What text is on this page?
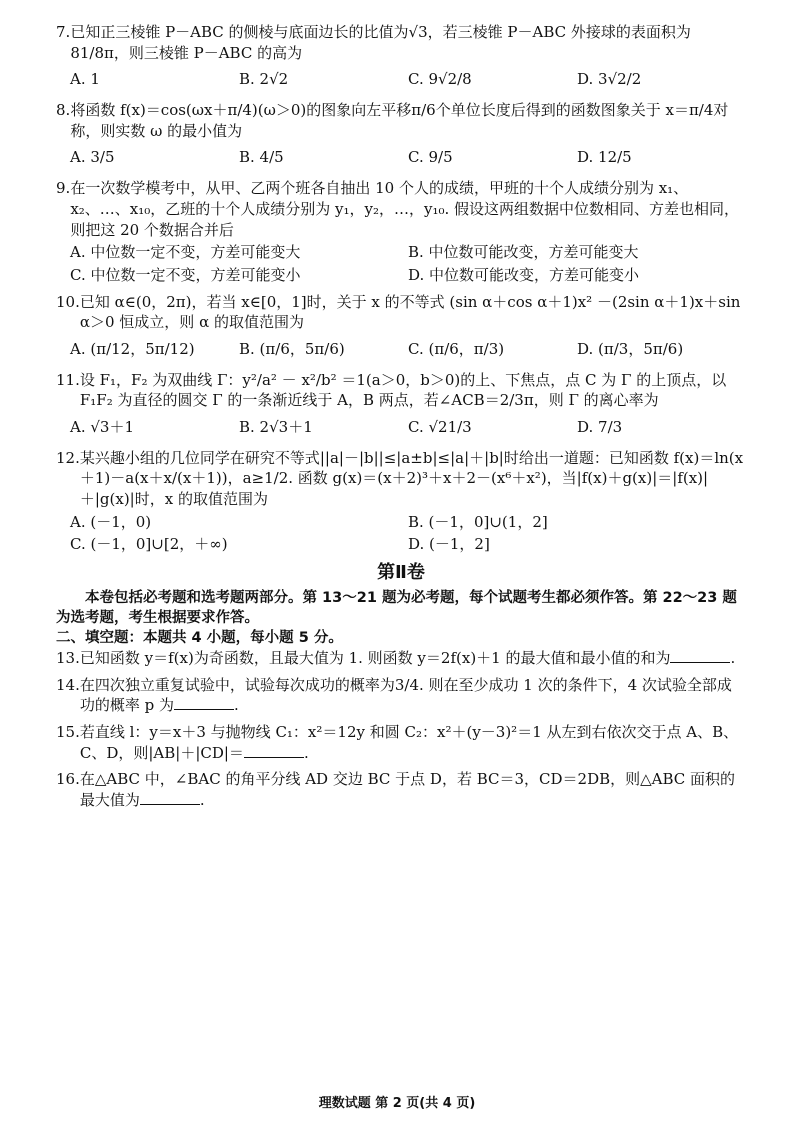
7. 已知正三棱锥 P－ABC 的侧棱与底面边长的比值为√3，若三棱锥 P－ABC 外接球的表面积为81/8π，则三棱锥 P－ABC 的高为
A. 1	B. 2√2	C. 9√2/8	D. 3√2/2
8. 将函数 f(x)＝cos(ωx＋π/4)(ω＞0)的图象向左平移π/6个单位长度后得到的函数图象关于 x＝π/4对称，则实数 ω 的最小值为
A. 3/5	B. 4/5	C. 9/5	D. 12/5
9. 在一次数学模考中，从甲、乙两个班各自抽出 10 个人的成绩，甲班的十个人成绩分别为 x₁、x₂、…、x₁₀，乙班的十个人成绩分别为 y₁，y₂，…，y₁₀. 假设这两组数据中位数相同、方差也相同，则把这 20 个数据合并后
A. 中位数一定不变，方差可能变大	B. 中位数可能改变，方差可能变大
C. 中位数一定不变，方差可能变小	D. 中位数可能改变，方差可能变小
10. 已知 α∈(0，2π)，若当 x∈[0，1]时，关于 x 的不等式 (sin α＋cos α＋1)x² －(2sin α＋1)x＋sin α＞0 恒成立，则 α 的取值范围为
A. (π/12，5π/12)	B. (π/6，5π/6)	C. (π/6，π/3)	D. (π/3，5π/6)
11. 设 F₁，F₂ 为双曲线 Γ：y²/a² － x²/b² ＝1(a＞0，b＞0)的上、下焦点，点 C 为 Γ 的上顶点，以 F₁F₂ 为直径的圆交 Γ 的一条渐近线于 A，B 两点，若∠ACB＝2/3π，则 Γ 的离心率为
A. √3＋1	B. 2√3＋1	C. √21/3	D. 7/3
12. 某兴趣小组的几位同学在研究不等式||a|－|b||≤|a±b|≤|a|＋|b|时给出一道题：已知函数 f(x)＝ln(x＋1)－a(x＋x/(x＋1))，a≥1/2. 函数 g(x)＝(x＋2)³＋x＋2－(x⁶＋x²)，当|f(x)＋g(x)|＝|f(x)|＋|g(x)|时，x 的取值范围为
A. (－1，0)	B. (－1，0]∪(1，2]
C. (－1，0]∪[2，＋∞)	D. (－1，2]
第Ⅱ卷
本卷包括必考题和选考题两部分。第 13～21 题为必考题，每个试题考生都必须作答。第 22～23 题为选考题，考生根据要求作答。
二、填空题：本题共 4 小题，每小题 5 分。
13. 已知函数 y＝f(x)为奇函数，且最大值为 1. 则函数 y＝2f(x)＋1 的最大值和最小值的和为	.
14. 在四次独立重复试验中，试验每次成功的概率为3/4. 则在至少成功 1 次的条件下，4 次试验全部成功的概率 p 为	.
15. 若直线 l：y＝x＋3 与抛物线 C₁：x²＝12y 和圆 C₂：x²＋(y－3)²＝1 从左到右依次交于点 A、B、C、D，则|AB|＋|CD|＝	.
16. 在△ABC 中，∠BAC 的角平分线 AD 交边 BC 于点 D，若 BC＝3，CD＝2DB，则△ABC 面积的最大值为	.
理数试题 第 2 页(共 4 页)
